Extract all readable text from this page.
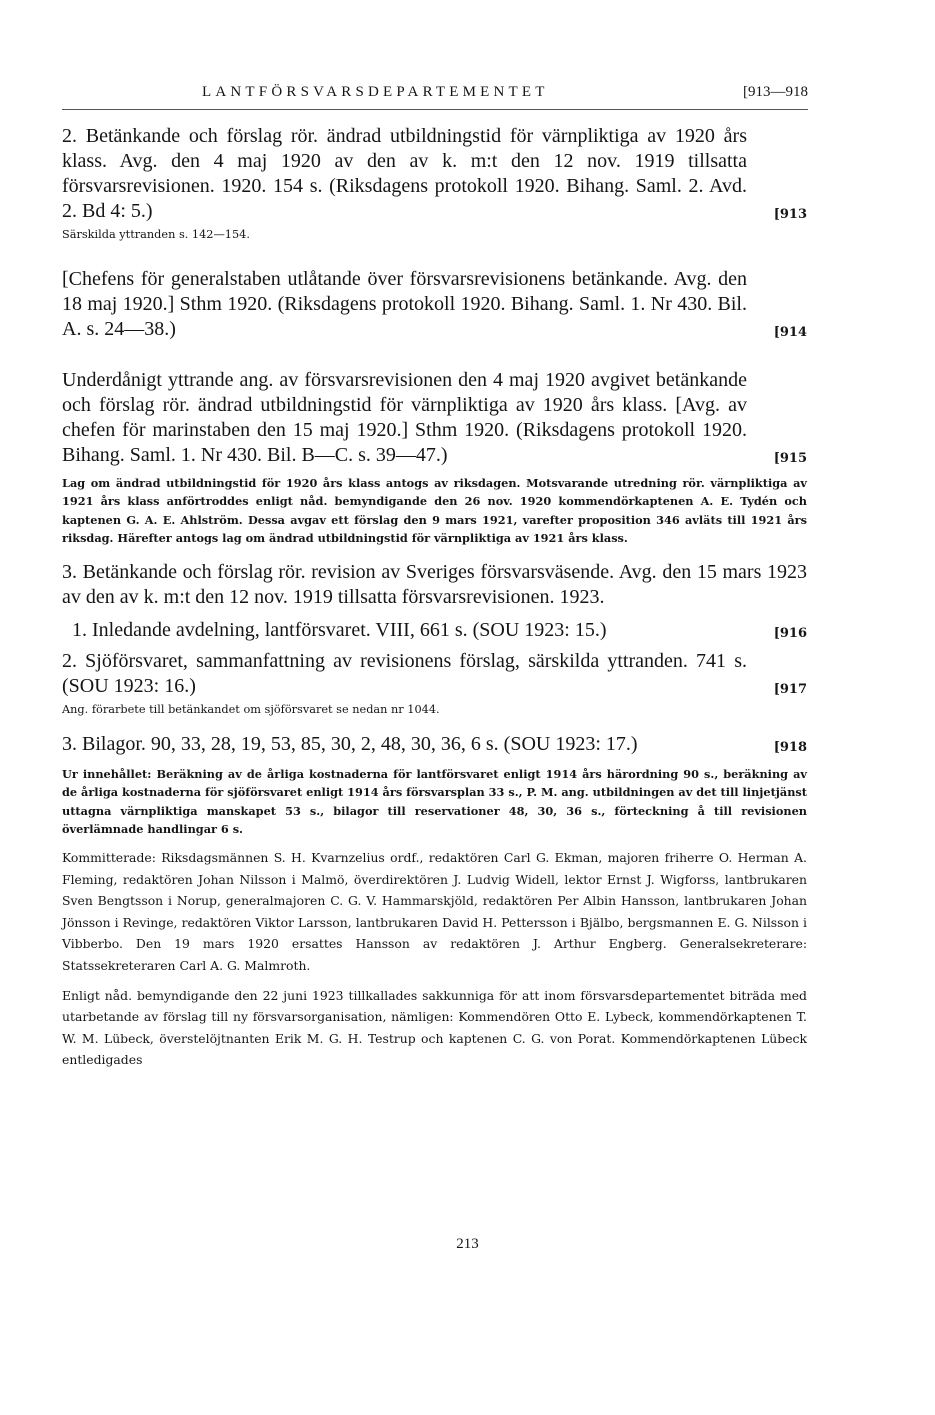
LANTFÖRSVARSDEPARTEMENTET	[913—918
2. Betänkande och förslag rör. ändrad utbildningstid för värnpliktiga av 1920 års klass. Avg. den 4 maj 1920 av den av k. m:t den 12 nov. 1919 tillsatta försvarsrevisionen. 1920. 154 s. (Riksdagens protokoll 1920. Bihang. Saml. 2. Avd. 2. Bd 4: 5.)	[913
Särskilda yttranden s. 142—154.
[Chefens för generalstaben utlåtande över försvarsrevisionens betänkande. Avg. den 18 maj 1920.] Sthm 1920. (Riksdagens protokoll 1920. Bihang. Saml. 1. Nr 430. Bil. A. s. 24—38.)	[914
Underdånigt yttrande ang. av försvarsrevisionen den 4 maj 1920 avgivet betänkande och förslag rör. ändrad utbildningstid för värnpliktiga av 1920 års klass. [Avg. av chefen för marinstaben den 15 maj 1920.] Sthm 1920. (Riksdagens protokoll 1920. Bihang. Saml. 1. Nr 430. Bil. B—C. s. 39—47.)	[915
Lag om ändrad utbildningstid för 1920 års klass antogs av riksdagen. Motsvarande utredning rör. värnpliktiga av 1921 års klass anförtroddes enligt nåd. bemyndigande den 26 nov. 1920 kommendörkaptenen A. E. Tydén och kaptenen G. A. E. Ahlström. Dessa avgav ett förslag den 9 mars 1921, varefter proposition 346 avläts till 1921 års riksdag. Härefter antogs lag om ändrad utbildningstid för värnpliktiga av 1921 års klass.
3. Betänkande och förslag rör. revision av Sveriges försvarsväsende. Avg. den 15 mars 1923 av den av k. m:t den 12 nov. 1919 tillsatta försvarsrevisionen. 1923.
1. Inledande avdelning, lantförsvaret. VIII, 661 s. (SOU 1923: 15.)	[916
2. Sjöförsvaret, sammanfattning av revisionens förslag, särskilda yttranden. 741 s. (SOU 1923: 16.)	[917
Ang. förarbete till betänkandet om sjöförsvaret se nedan nr 1044.
3. Bilagor. 90, 33, 28, 19, 53, 85, 30, 2, 48, 30, 36, 6 s. (SOU 1923: 17.)	[918
Ur innehållet: Beräkning av de årliga kostnaderna för lantförsvaret enligt 1914 års härordning 90 s., beräkning av de årliga kostnaderna för sjöförsvaret enligt 1914 års försvarsplan 33 s., P. M. ang. utbildningen av det till linjetjänst uttagna värnpliktiga manskapet 53 s., bilagor till reservationer 48, 30, 36 s., förteckning å till revisionen överlämnade handlingar 6 s.
Kommitterade: Riksdagsmännen S. H. Kvarnzelius ordf., redaktören Carl G. Ekman, majoren friherre O. Herman A. Fleming, redaktören Johan Nilsson i Malmö, överdirektören J. Ludvig Widell, lektor Ernst J. Wigforss, lantbrukaren Sven Bengtsson i Norup, generalmajoren C. G. V. Hammarskjöld, redaktören Per Albin Hansson, lantbrukaren Johan Jönsson i Revinge, redaktören Viktor Larsson, lantbrukaren David H. Pettersson i Bjälbo, bergsmannen E. G. Nilsson i Vibberbo. Den 19 mars 1920 ersattes Hansson av redaktören J. Arthur Engberg. Generalsekreterare: Statssekreteraren Carl A. G. Malmroth.
Enligt nåd. bemyndigande den 22 juni 1923 tillkallades sakkunniga för att inom försvarsdepartementet biträda med utarbetande av förslag till ny försvarsorganisation, nämligen: Kommendören Otto E. Lybeck, kommendörkaptenen T. W. M. Lübeck, överstelöjtnanten Erik M. G. H. Testrup och kaptenen C. G. von Porat. Kommendörkaptenen Lübeck entledigades
213
